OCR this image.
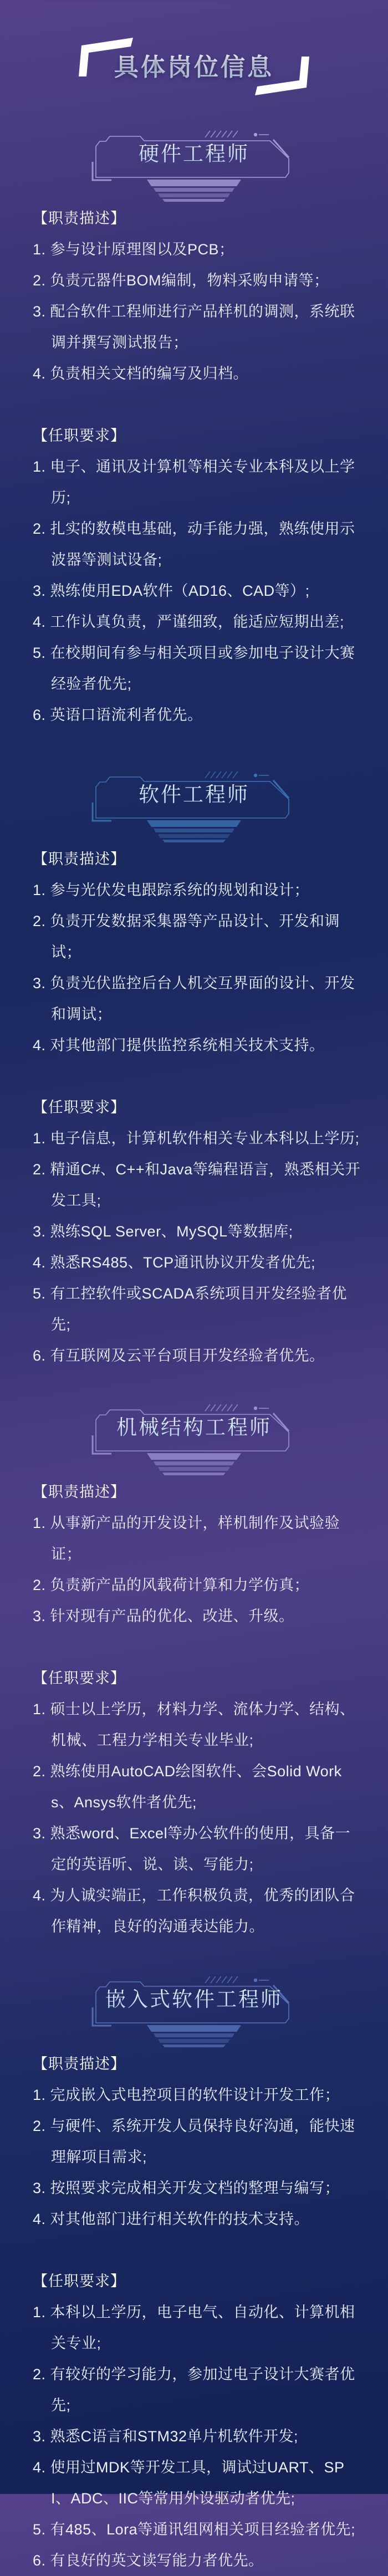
具体岗位信息
硬件工程师
【职责描述】
1. 参与设计原理图以及PCB；
2. 负责元器件BOM编制，物料采购申请等；
3. 配合软件工程师进行产品样机的调测，系统联调并撰写测试报告；
4. 负责相关文档的编写及归档。
【任职要求】
1. 电子、通讯及计算机等相关专业本科及以上学历;
2. 扎实的数模电基础，动手能力强，熟练使用示波器等测试设备;
3. 熟练使用EDA软件（AD16、CAD等）;
4. 工作认真负责，严谨细致，能适应短期出差;
5. 在校期间有参与相关项目或参加电子设计大赛经验者优先;
6. 英语口语流利者优先。
软件工程师
【职责描述】
1. 参与光伏发电跟踪系统的规划和设计；
2. 负责开发数据采集器等产品设计、开发和调试；
3. 负责光伏监控后台人机交互界面的设计、开发和调试；
4. 对其他部门提供监控系统相关技术支持。
【任职要求】
1. 电子信息，计算机软件相关专业本科以上学历;
2. 精通C#、C++和Java等编程语言，熟悉相关开发工具;
3. 熟练SQL Server、MySQL等数据库;
4. 熟悉RS485、TCP通讯协议开发者优先;
5. 有工控软件或SCADA系统项目开发经验者优先;
6. 有互联网及云平台项目开发经验者优先。
机械结构工程师
【职责描述】
1. 从事新产品的开发设计，样机制作及试验验证；
2. 负责新产品的风载荷计算和力学仿真；
3. 针对现有产品的优化、改进、升级。
【任职要求】
1. 硕士以上学历，材料力学、流体力学、结构、机械、工程力学相关专业毕业;
2. 熟练使用AutoCAD绘图软件、会Solid Works、Ansys软件者优先;
3. 熟悉word、Excel等办公软件的使用，具备一定的英语听、说、读、写能力;
4. 为人诚实端正，工作积极负责，优秀的团队合作精神，良好的沟通表达能力。
嵌入式软件工程师
【职责描述】
1. 完成嵌入式电控项目的软件设计开发工作；
2. 与硬件、系统开发人员保持良好沟通，能快速理解项目需求;
3. 按照要求完成相关开发文档的整理与编写；
4. 对其他部门进行相关软件的技术支持。
【任职要求】
1. 本科以上学历，电子电气、自动化、计算机相关专业;
2. 有较好的学习能力，参加过电子设计大赛者优先;
3. 熟悉C语言和STM32单片机软件开发;
4. 使用过MDK等开发工具，调试过UART、SPI、ADC、IIC等常用外设驱动者优先;
5. 有485、Lora等通讯组网相关项目经验者优先;
6. 有良好的英文读写能力者优先。
